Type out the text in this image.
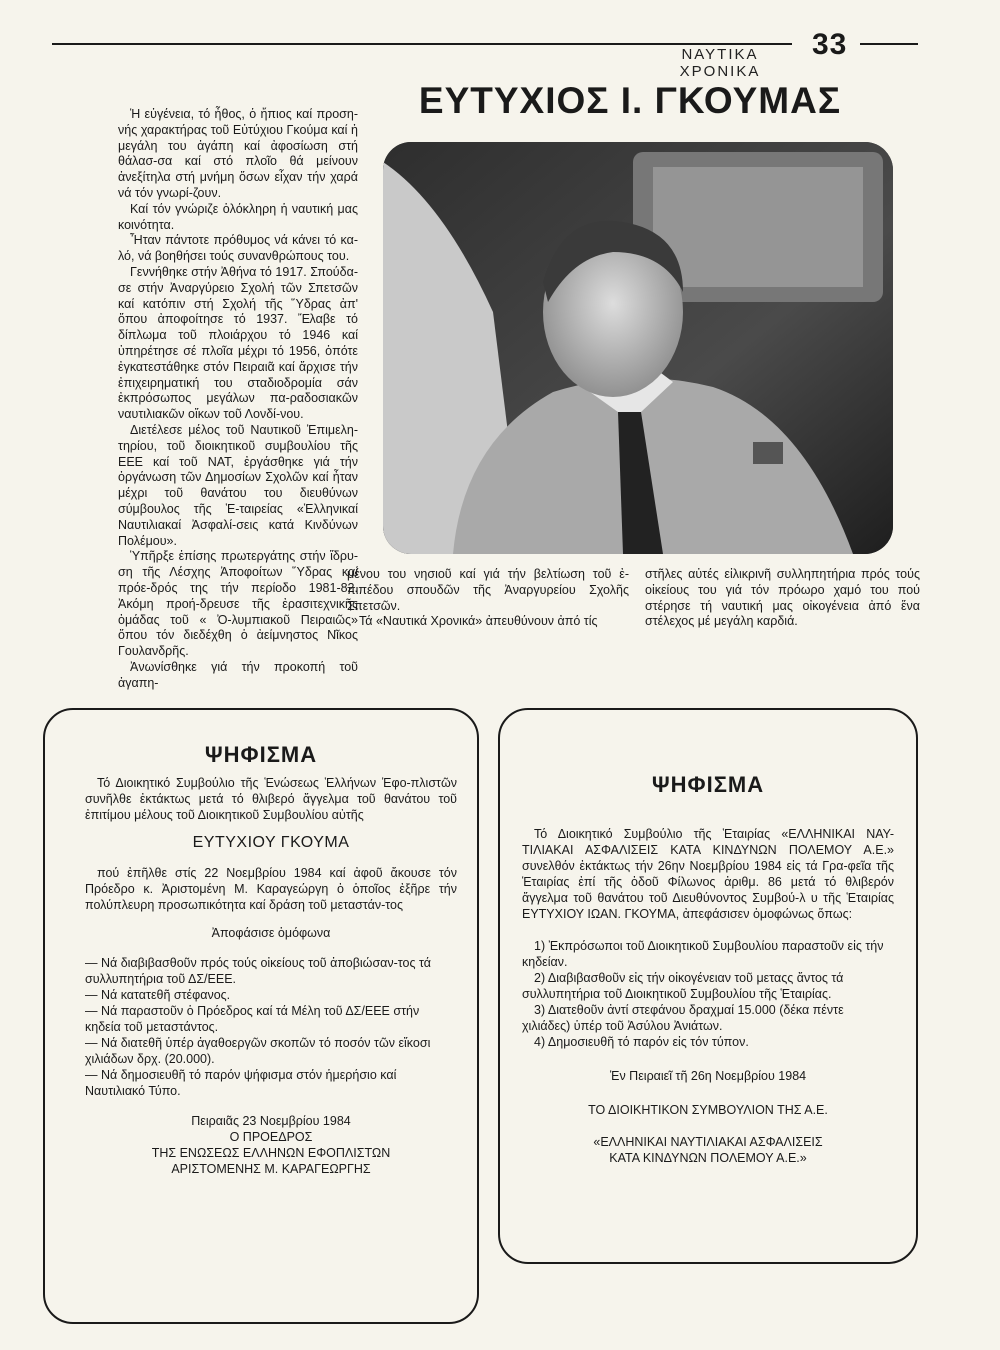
ΝΑΥΤΙΚΑ ΧΡΟΝΙΚΑ
33
ΕΥΤΥΧΙΟΣ Ι. ΓΚΟΥΜΑΣ

Ἡ εὐγένεια, τό ἦθος, ὁ ἤπιος καί προση-νής χαρακτήρας τοῦ Εὐτύχιου Γκούμα καί ἡ μεγάλη του ἀγάπη καί ἀφοσίωση στή θάλασ-σα καί στό πλοῖο θά μείνουν ἀνεξίτηλα στή μνήμη ὅσων εἶχαν τήν χαρά νά τόν γνωρί-ζουν.

Καί τόν γνώριζε ὁλόκληρη ἡ ναυτική μας κοινότητα.

Ἦταν πάντοτε πρόθυμος νά κάνει τό κα-λό, νά βοηθήσει τούς συνανθρώπους του.

Γεννήθηκε στήν Ἀθήνα τό 1917. Σπούδα-σε στήν Ἀναργύρειο Σχολή τῶν Σπετσῶν καί κατόπιν στή Σχολή τῆς Ὕδρας ἀπ' ὅπου ἀποφοίτησε τό 1937. Ἔλαβε τό δίπλωμα τοῦ πλοιάρχου τό 1946 καί ὑπηρέτησε σέ πλοῖα μέχρι τό 1956, ὁπότε ἐγκατεστάθηκε στόν Πειραιᾶ καί ἄρχισε τήν ἐπιχειρηματική του σταδιοδρομία σάν ἐκπρόσωπος μεγάλων πα-ραδοσιακῶν ναυτιλιακῶν οἴκων τοῦ Λονδί-νου.

Διετέλεσε μέλος τοῦ Ναυτικοῦ Ἐπιμελη-τηρίου, τοῦ διοικητικοῦ συμβουλίου τῆς ΕΕΕ καί τοῦ ΝΑΤ, ἐργάσθηκε γιά τήν ὀργάνωση τῶν Δημοσίων Σχολῶν καί ἦταν μέχρι τοῦ θανάτου του διευθύνων σύμβουλος τῆς Ἑ-ταιρείας «Ἑλληνικαί Ναυτιλιακαί Ἀσφαλί-σεις κατά Κινδύνων Πολέμου».

Ὑπῆρξε ἐπίσης πρωτεργάτης στήν ἵδρυ-ση τῆς Λέσχης Ἀποφοίτων Ὕδρας καί πρόε-δρός της τήν περίοδο 1981-82. Ἀκόμη προή-δρευσε τῆς ἐρασιτεχνικῆς ὁμάδας τοῦ « Ὀ-λυμπιακοῦ Πειραιῶς» ὅπου τόν διεδέχθη ὁ ἀείμνηστος Νῖκος Γουλανδρῆς.

Ἀνωνίσθηκε γιά τήν προκοπή τοῦ ἀγαπη-

μένου του νησιοῦ καί γιά τήν βελτίωση τοῦ ἐ-πιπέδου σπουδῶν τῆς Ἀναργυρείου Σχολῆς Σπετσῶν.

Τά «Ναυτικά Χρονικά» ἀπευθύνουν ἀπό τίς

στῆλες αὐτές εἰλικρινῆ συλληπητήρια πρός τούς οἰκείους του γιά τόν πρόωρο χαμό του πού στέρησε τή ναυτική μας οἰκογένεια ἀπό ἕνα στέλεχος μέ μεγάλη καρδιά.

ΨΗΦΙΣΜΑ

Τό Διοικητικό Συμβούλιο τῆς Ἑνώσεως Ἑλλήνων Ἐφο-πλιστῶν συνῆλθε ἐκτάκτως μετά τό θλιβερό ἄγγελμα τοῦ θανάτου τοῦ ἐπιτίμου μέλους τοῦ Διοικητικοῦ Συμβουλίου αὐτῆς

ΕΥΤΥΧΙΟΥ ΓΚΟΥΜΑ

πού ἐπῆλθε στίς 22 Νοεμβρίου 1984 καί ἀφοῦ ἄκουσε τόν Πρόεδρο κ. Ἀριστομένη Μ. Καραγεώργη ὁ ὁποῖος ἐξῆρε τήν πολύπλευρη προσωπικότητα καί δράση τοῦ μεταστάν-τος

Ἀποφάσισε ὁμόφωνα

— Νά διαβιβασθοῦν πρός τούς οἰκείους τοῦ ἀποβιώσαν-τος τά συλλυπητήρια τοῦ ΔΣ/ΕΕΕ.

— Νά κατατεθῆ στέφανος.

— Νά παραστοῦν ὁ Πρόεδρος καί τά Μέλη τοῦ ΔΣ/ΕΕΕ στήν κηδεία τοῦ μεταστάντος.

— Νά διατεθῆ ὑπέρ ἀγαθοεργῶν σκοπῶν τό ποσόν τῶν εἴκοσι χιλιάδων δρχ. (20.000).

— Νά δημοσιευθῆ τό παρόν ψήφισμα στόν ἡμερήσιο καί Ναυτιλιακό Τύπο.

Πειραιᾶς 23 Νοεμβρίου 1984

Ο ΠΡΟΕΔΡΟΣ

ΤΗΣ ΕΝΩΣΕΩΣ ΕΛΛΗΝΩΝ ΕΦΟΠΛΙΣΤΩΝ

ΑΡΙΣΤΟΜΕΝΗΣ Μ. ΚΑΡΑΓΕΩΡΓΗΣ

ΨΗΦΙΣΜΑ

Τό Διοικητικό Συμβούλιο τῆς Ἑταιρίας «ΕΛΛΗΝΙΚΑΙ ΝΑΥ-ΤΙΛΙΑΚΑΙ ΑΣΦΑΛΙΣΕΙΣ ΚΑΤΑ ΚΙΝΔΥΝΩΝ ΠΟΛΕΜΟΥ Α.Ε.» συνελθόν ἐκτάκτως τήν 26ην Νοεμβρίου 1984 εἰς τά Γρα-φεῖα τῆς Ἑταιρίας ἐπί τῆς ὁδοῦ Φίλωνος ἀριθμ. 86 μετά τό θλιβερόν ἄγγελμα τοῦ θανάτου τοῦ Διευθύνοντος Συμβού-λ υ τῆς Ἑταιρίας ΕΥΤΥΧΙΟΥ ΙΩΑΝ. ΓΚΟΥΜΑ, ἀπεφάσισεν ὁμοφώνως ὅπως:

1) Ἐκπρόσωποι τοῦ Διοικητικοῦ Συμβουλίου παραστοῦν εἰς τήν κηδείαν.

2) Διαβιβασθοῦν εἰς τήν οἰκογένειαν τοῦ μεταςς ἄντος τά συλλυπητήρια τοῦ Διοικητικοῦ Συμβουλίου τῆς Ἑταιρίας.

3) Διατεθοῦν ἀντί στεφάνου δραχμαί 15.000 (δέκα πέντε χιλιάδες) ὑπέρ τοῦ Ἀσύλου Ἀνιάτων.

4) Δημοσιευθῆ τό παρόν εἰς τόν τύπον.

Ἐν Πειραιεῖ τῆ 26η Νοεμβρίου 1984

ΤΟ ΔΙΟΙΚΗΤΙΚΟΝ ΣΥΜΒΟΥΛΙΟΝ ΤΗΣ Α.Ε.

«ΕΛΛΗΝΙΚΑΙ ΝΑΥΤΙΛΙΑΚΑΙ ΑΣΦΑΛΙΣΕΙΣ

ΚΑΤΑ ΚΙΝΔΥΝΩΝ ΠΟΛΕΜΟΥ Α.Ε.»
